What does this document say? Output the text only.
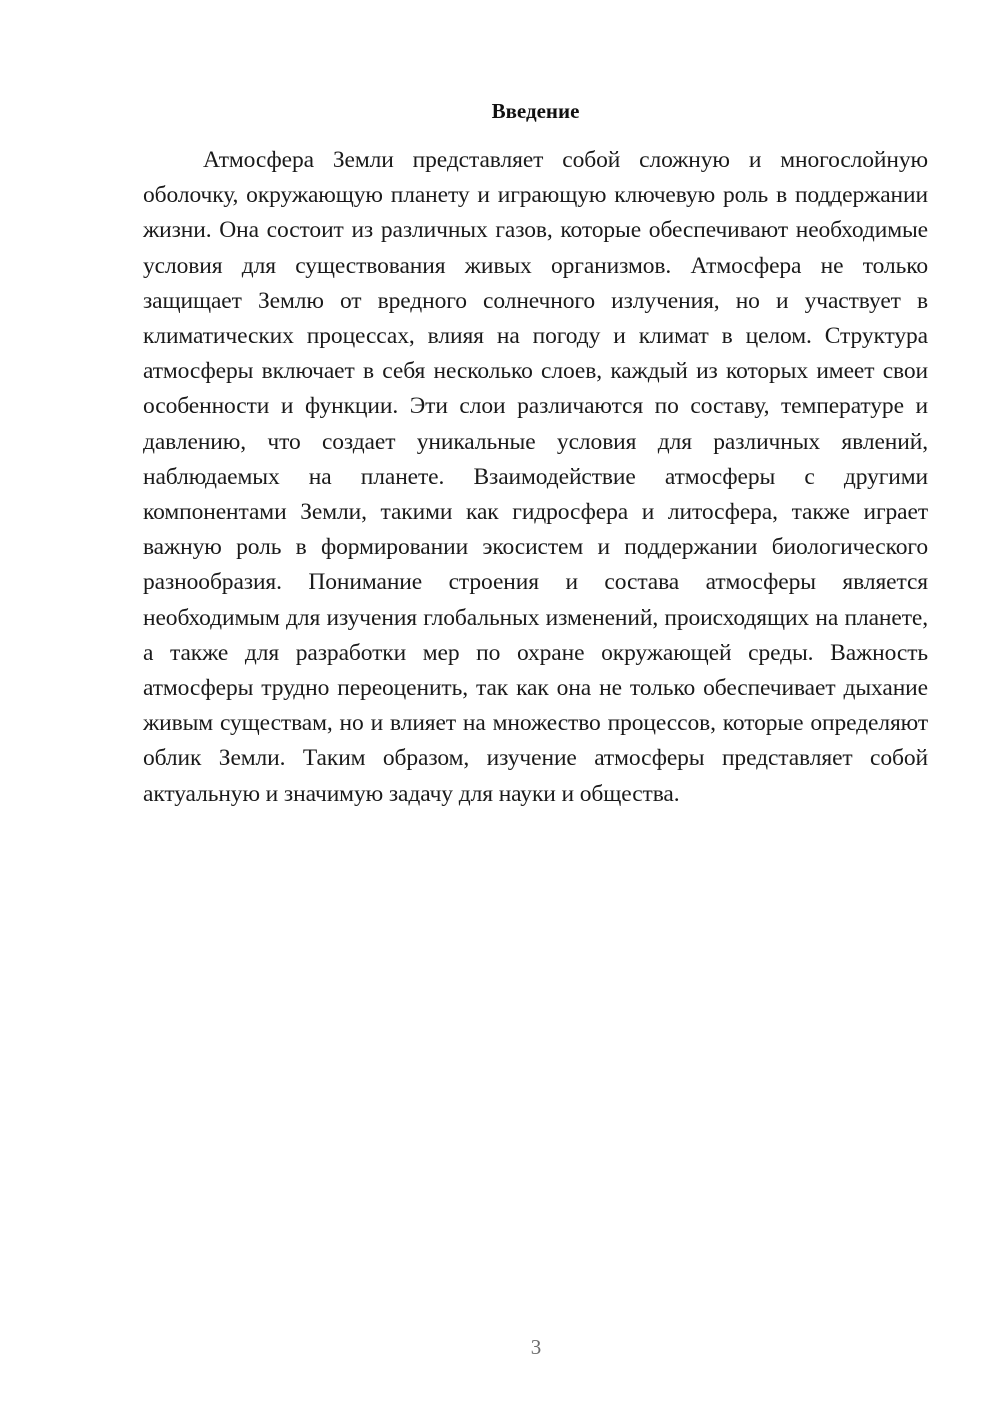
Введение

Атмосфера Земли представляет собой сложную и многослойную оболочку, окружающую планету и играющую ключевую роль в поддержании жизни. Она состоит из различных газов, которые обеспечивают необходимые условия для существования живых организмов. Атмосфера не только защищает Землю от вредного солнечного излучения, но и участвует в климатических процессах, влияя на погоду и климат в целом. Структура атмосферы включает в себя несколько слоев, каждый из которых имеет свои особенности и функции. Эти слои различаются по составу, температуре и давлению, что создает уникальные условия для различных явлений, наблюдаемых на планете. Взаимодействие атмосферы с другими компонентами Земли, такими как гидросфера и литосфера, также играет важную роль в формировании экосистем и поддержании биологического разнообразия. Понимание строения и состава атмосферы является необходимым для изучения глобальных изменений, происходящих на планете, а также для разработки мер по охране окружающей среды. Важность атмосферы трудно переоценить, так как она не только обеспечивает дыхание живым существам, но и влияет на множество процессов, которые определяют облик Земли. Таким образом, изучение атмосферы представляет собой актуальную и значимую задачу для науки и общества.

3
